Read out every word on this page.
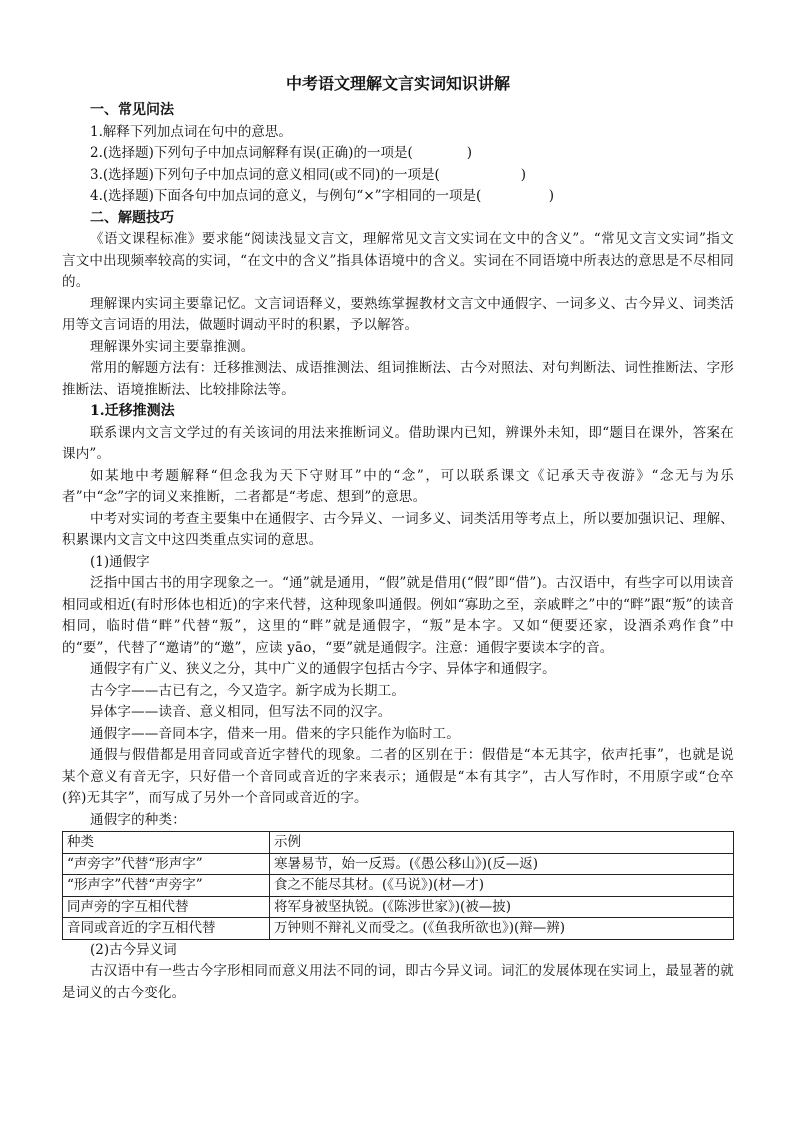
中考语文理解文言实词知识讲解
一、常见问法
1.解释下列加点词在句中的意思。
2.(选择题)下列句子中加点词解释有误(正确)的一项是(　　　　)
3.(选择题)下列句子中加点词的意义相同(或不同)的一项是(　　　　　　)
4.(选择题)下面各句中加点词的意义，与例句“×”字相同的一项是(　　　　　)
二、解题技巧

《语文课程标准》要求能“阅读浅显文言文，理解常见文言文实词在文中的含义”。“常见文言文实词”指文言文中出现频率较高的实词，“在文中的含义”指具体语境中的含义。实词在不同语境中所表达的意思是不尽相同的。

理解课内实词主要靠记忆。文言词语释义，要熟练掌握教材文言文中通假字、一词多义、古今异义、词类活用等文言词语的用法，做题时调动平时的积累，予以解答。

理解课外实词主要靠推测。

常用的解题方法有：迁移推测法、成语推测法、组词推断法、古今对照法、对句判断法、词性推断法、字形推断法、语境推断法、比较排除法等。

1.迁移推测法

联系课内文言文学过的有关该词的用法来推断词义。借助课内已知，辨课外未知，即“题目在课外，答案在课内”。

如某地中考题解释“但念我为天下守财耳”中的“念”，可以联系课文《记承天寺夜游》“念无与为乐者”中“念”字的词义来推断，二者都是“考虑、想到”的意思。

中考对实词的考查主要集中在通假字、古今异义、一词多义、词类活用等考点上，所以要加强识记、理解、积累课内文言文中这四类重点实词的意思。

(1)通假字

泛指中国古书的用字现象之一。“通”就是通用，“假”就是借用(“假”即“借”)。古汉语中，有些字可以用读音相同或相近(有时形体也相近)的字来代替，这种现象叫通假。例如“寡助之至，亲戚畔之”中的“畔”跟“叛”的读音相同，临时借“畔”代替“叛”，这里的“畔”就是通假字，“叛”是本字。又如“便要还家，设酒杀鸡作食”中的“要”，代替了“邀请”的“邀”，应读 yāo，“要”就是通假字。注意：通假字要读本字的音。

通假字有广义、狭义之分，其中广义的通假字包括古今字、异体字和通假字。

古今字——古已有之，今又造字。新字成为长期工。

异体字——读音、意义相同，但写法不同的汉字。

通假字——音同本字，借来一用。借来的字只能作为临时工。

通假与假借都是用音同或音近字替代的现象。二者的区别在于：假借是“本无其字，依声托事”，也就是说某个意义有音无字，只好借一个音同或音近的字来表示；通假是“本有其字”，古人写作时，不用原字或“仓卒(猝)无其字”，而写成了另外一个音同或音近的字。

通假字的种类：

种类	示例
“声旁字”代替“形声字”	寒暑易节，始一反焉。(《愚公移山》)(反—返)
“形声字”代替“声旁字”	食之不能尽其材。(《马说》)(材—才)
同声旁的字互相代替	将军身被坚执锐。(《陈涉世家》)(被—披)
音同或音近的字互相代替	万钟则不辩礼义而受之。(《鱼我所欲也》)(辩—辨)
(2)古今异义词

古汉语中有一些古今字形相同而意义用法不同的词，即古今异义词。词汇的发展体现在实词上，最显著的就是词义的古今变化。
